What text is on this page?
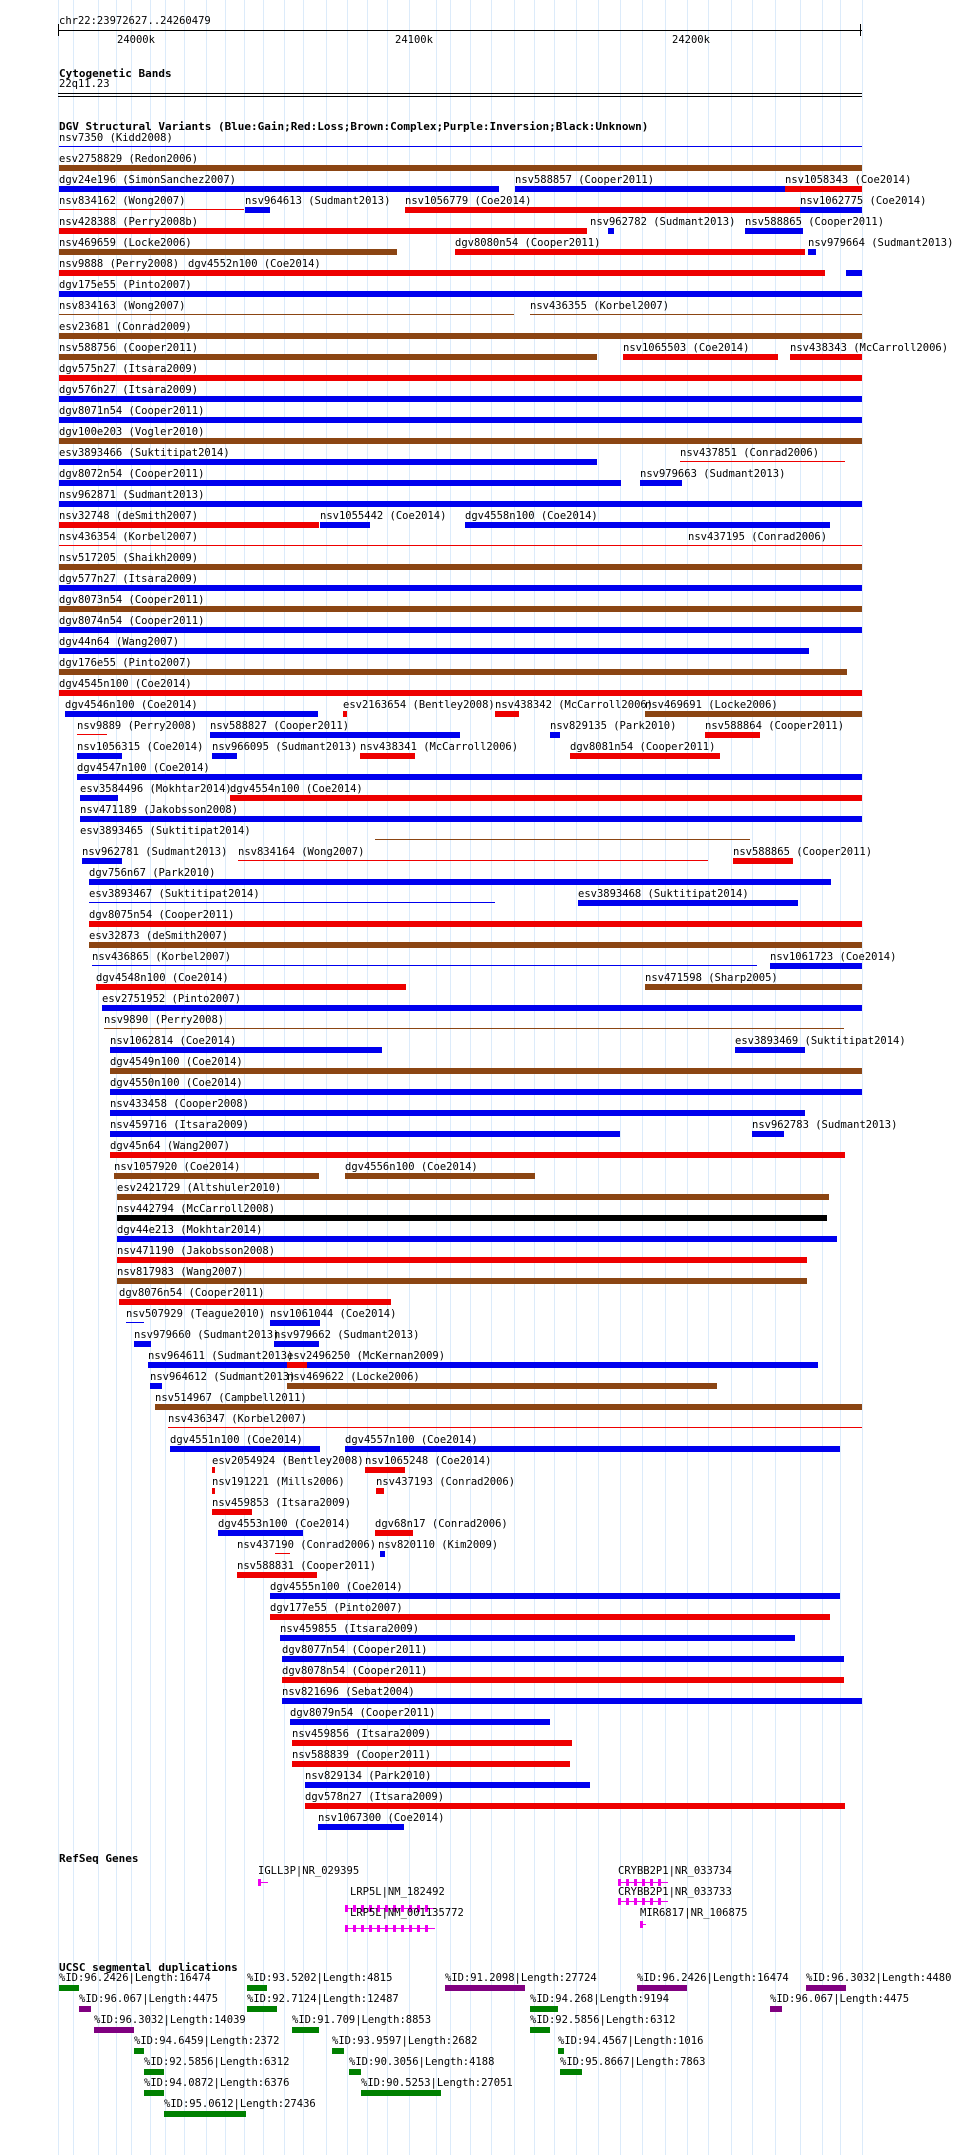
chr22:23972627..24260479
24000k	24100k	24200k
Cytogenetic Bands
22q11.23
DGV Structural Variants (Blue:Gain;Red:Loss;Brown:Complex;Purple:Inversion;Black:Unknown)
nsv7350 (Kidd2008)
esv2758829 (Redon2006)
dgv24e196 (SimonSanchez2007)	nsv588857 (Cooper2011)	nsv1058343 (Coe2014)
nsv834162 (Wong2007)	nsv964613 (Sudmant2013) nsv1056779 (Coe2014)	nsv1062775 (Coe2014)
nsv428388 (Perry2008b)	nsv962782 (Sudmant2013) nsv588865 (Cooper2011)
nsv469659 (Locke2006)	dgv8080n54 (Cooper2011)	nsv979664 (Sudmant2013)
nsv9888 (Perry2008) dgv4552n100 (Coe2014)
dgv175e55 (Pinto2007)
nsv834163 (Wong2007)	nsv436355 (Korbel2007)
esv23681 (Conrad2009)
nsv588756 (Cooper2011)	nsv1065503 (Coe2014)	nsv438343 (McCarroll2006)
dgv575n27 (Itsara2009)
dgv576n27 (Itsara2009)
dgv8071n54 (Cooper2011)
dgv100e203 (Vogler2010)
esv3893466 (Suktitipat2014)	nsv437851 (Conrad2006)
dgv8072n54 (Cooper2011)	nsv979663 (Sudmant2013)
nsv962871 (Sudmant2013)
nsv32748 (deSmith2007)	nsv1055442 (Coe2014) dgv4558n100 (Coe2014)
nsv436354 (Korbel2007)	nsv437195 (Conrad2006)
nsv517205 (Shaikh2009)
dgv577n27 (Itsara2009)
dgv8073n54 (Cooper2011)
dgv8074n54 (Cooper2011)
dgv44n64 (Wang2007)
dgv176e55 (Pinto2007)
dgv4545n100 (Coe2014)
dgv4546n100 (Coe2014)	esv2163654 (Bentley2008) nsv438342 (McCarroll2006)
nsv469691 (Locke2006)
nsv9889 (Perry2008) nsv588827 (Cooper2011)	nsv829135 (Park2010)	nsv588864 (Cooper2011)
nsv1056315 (Coe2014) nsv966095 (Sudmant2013) nsv438341 (McCarroll2006)	dgv8081n54 (Cooper2011)
dgv4547n100 (Coe2014)
esv3584496 (Mokhtar2014)
dgv4554n100 (Coe2014)
nsv471189 (Jakobsson2008)
esv3893465 (Suktitipat2014)
nsv962781 (Sudmant2013) nsv834164 (Wong2007)	nsv588865 (Cooper2011)
dgv756n67 (Park2010)
esv3893467 (Suktitipat2014)	esv3893468 (Suktitipat2014)
dgv8075n54 (Cooper2011)
esv32873 (deSmith2007)
nsv436865 (Korbel2007)	nsv1061723 (Coe2014)
dgv4548n100 (Coe2014)	nsv471598 (Sharp2005)
esv2751952 (Pinto2007)
nsv9890 (Perry2008)
nsv1062814 (Coe2014)	esv3893469 (Suktitipat2014)
dgv4549n100 (Coe2014)
dgv4550n100 (Coe2014)
nsv433458 (Cooper2008)
nsv459716 (Itsara2009)	nsv962783 (Sudmant2013)
dgv45n64 (Wang2007)
nsv1057920 (Coe2014)	dgv4556n100 (Coe2014)
esv2421729 (Altshuler2010)
nsv442794 (McCarroll2008)
dgv44e213 (Mokhtar2014)
nsv471190 (Jakobsson2008)
nsv817983 (Wang2007)
dgv8076n54 (Cooper2011)
nsv507929 (Teague2010) nsv1061044 (Coe2014)
nsv979660 (Sudmant2013)
nsv979662 (Sudmant2013)
nsv964611 (Sudmant2013)
esv2496250 (McKernan2009)
nsv964612 (Sudmant2013)
nsv469622 (Locke2006)
nsv514967 (Campbell2011)
nsv436347 (Korbel2007)
dgv4551n100 (Coe2014)	dgv4557n100 (Coe2014)
esv2054924 (Bentley2008) nsv1065248 (Coe2014)
nsv191221 (Mills2006)	nsv437193 (Conrad2006)
nsv459853 (Itsara2009)
dgv4553n100 (Coe2014) dgv68n17 (Conrad2006)
nsv437190 (Conrad2006) nsv820110 (Kim2009)
nsv588831 (Cooper2011)
dgv4555n100 (Coe2014)
dgv177e55 (Pinto2007)
nsv459855 (Itsara2009)
dgv8077n54 (Cooper2011)
dgv8078n54 (Cooper2011)
nsv821696 (Sebat2004)
dgv8079n54 (Cooper2011)
nsv459856 (Itsara2009)
nsv588839 (Cooper2011)
nsv829134 (Park2010)
dgv578n27 (Itsara2009)
nsv1067300 (Coe2014)
RefSeq Genes
IGLL3P|NR_029395
LRP5L|NM_182492
LRP5L|NM_001135772
CRYBB2P1|NR_033734
CRYBB2P1|NR_033733
MIR6817|NR_106875
UCSC segmental duplications
%ID:96.2426|Length:16474	%ID:93.5202|Length:4815	%ID:91.2098|Length:27724	%ID:96.2426|Length:16474 %ID:96.3032|Length:4480
%ID:96.067|Length:4475	%ID:92.7124|Length:12487	%ID:94.268|Length:9194	%ID:96.067|Length:4475
%ID:96.3032|Length:14039	%ID:91.709|Length:8853	%ID:92.5856|Length:6312
%ID:94.6459|Length:2372	%ID:93.9597|Length:2682	%ID:94.4567|Length:1016
%ID:92.5856|Length:6312	%ID:90.3056|Length:4188	%ID:95.8667|Length:7863
%ID:94.0872|Length:6376	%ID:90.5253|Length:27051
%ID:95.0612|Length:27436
